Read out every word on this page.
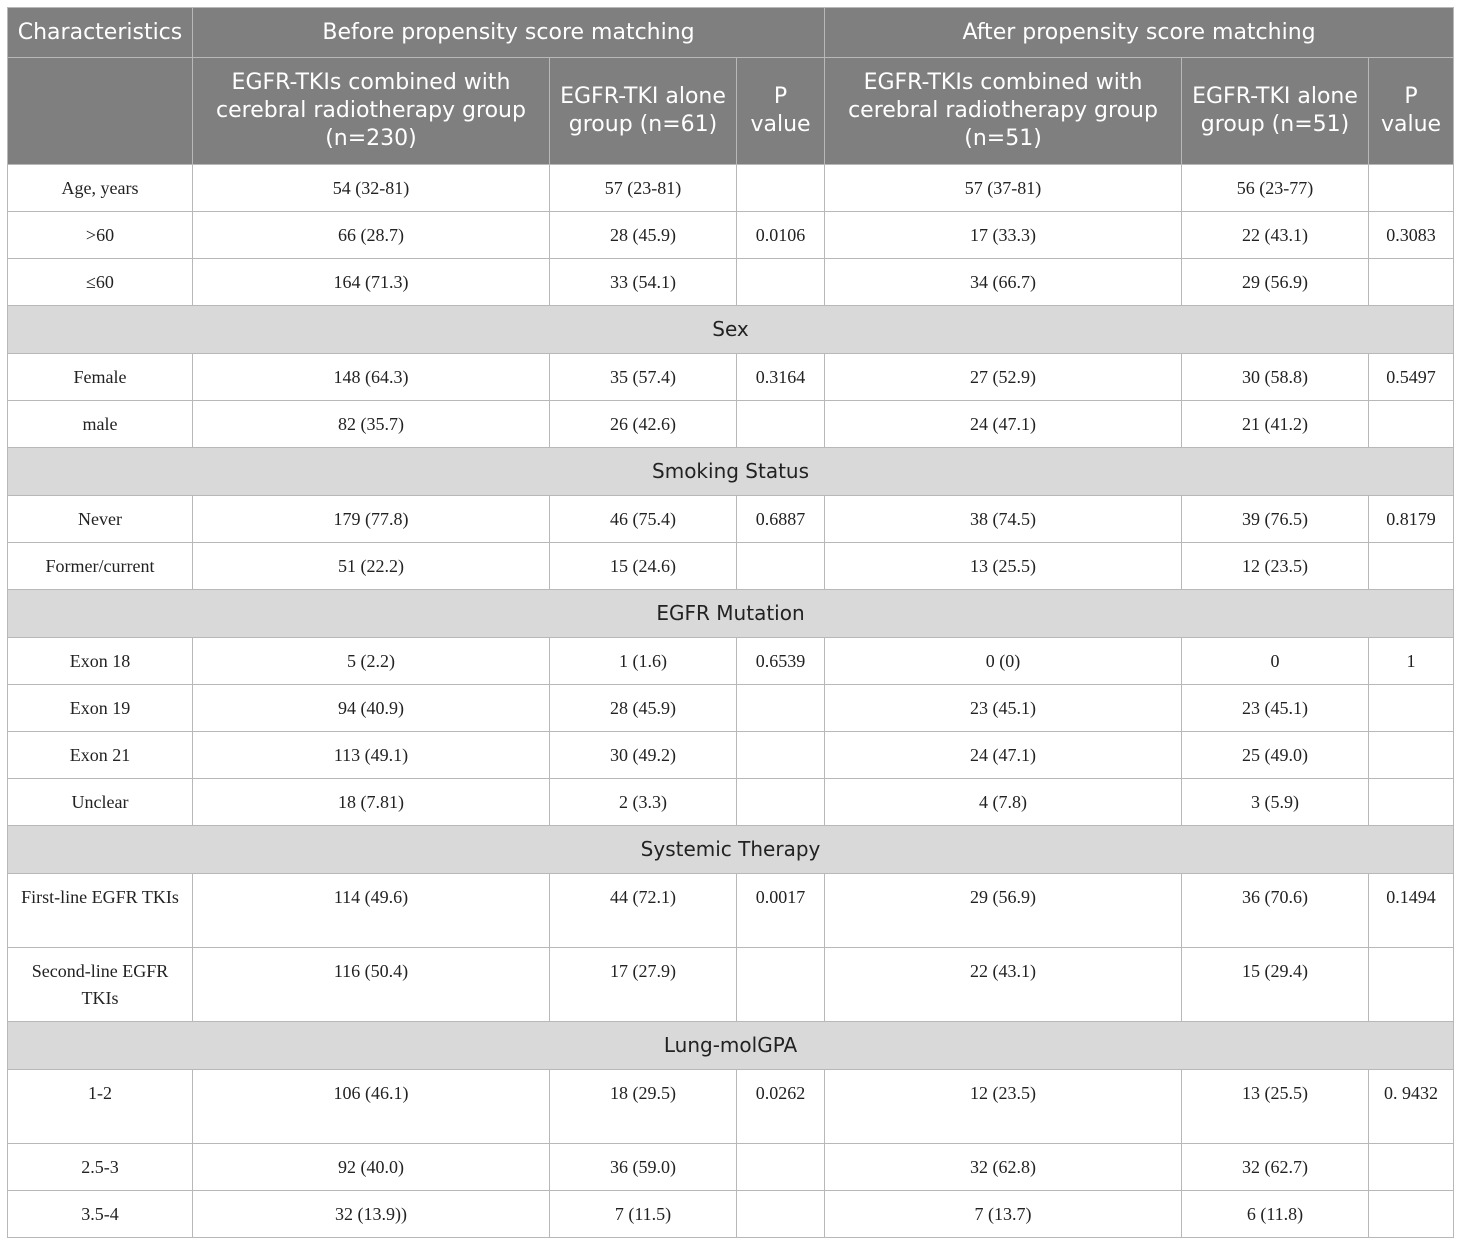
Characteristics	Before propensity score matching			After propensity score matching		
	EGFR-TKIs combined with cerebral radiotherapy group (n=230)	EGFR-TKI alone group (n=61)	P value	EGFR-TKIs combined with cerebral radiotherapy group (n=51)	EGFR-TKI alone group (n=51)	P value
Age, years	54 (32-81)	57 (23-81)		57 (37-81)	56 (23-77)	
>60	66 (28.7)	28 (45.9)	0.0106	17 (33.3)	22 (43.1)	0.3083
≤60	164 (71.3)	33 (54.1)		34 (66.7)	29 (56.9)	
Sex						
Female	148 (64.3)	35 (57.4)	0.3164	27 (52.9)	30 (58.8)	0.5497
male	82 (35.7)	26 (42.6)		24 (47.1)	21 (41.2)	
Smoking Status						
Never	179 (77.8)	46 (75.4)	0.6887	38 (74.5)	39 (76.5)	0.8179
Former/current	51 (22.2)	15 (24.6)		13 (25.5)	12 (23.5)	
EGFR Mutation						
Exon 18	5 (2.2)	1 (1.6)	0.6539	0 (0)	0	1
Exon 19	94 (40.9)	28 (45.9)		23 (45.1)	23 (45.1)	
Exon 21	113 (49.1)	30 (49.2)		24 (47.1)	25 (49.0)	
Unclear	18 (7.81)	2 (3.3)		4 (7.8)	3 (5.9)	
Systemic Therapy						
First-line EGFR TKIs	114 (49.6)	44 (72.1)	0.0017	29 (56.9)	36 (70.6)	0.1494
Second-line EGFR TKIs	116 (50.4)	17 (27.9)		22 (43.1)	15 (29.4)	
Lung-molGPA						
1-2	106 (46.1)	18 (29.5)	0.0262	12 (23.5)	13 (25.5)	0. 9432
2.5-3	92 (40.0)	36 (59.0)		32 (62.8)	32 (62.7)	
3.5-4	32 (13.9))	7 (11.5)		7 (13.7)	6 (11.8)	
